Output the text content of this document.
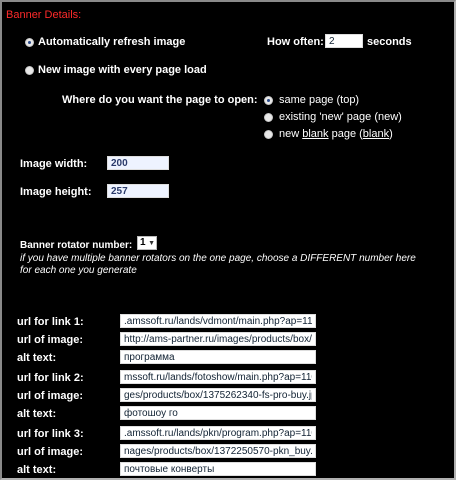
Banner Details:
Automatically refresh image	How often:
2	seconds
New image with every page load
Where do you want the page to open: same page (top)
existing 'new' page (new)
new blank page (blank)
Image width:
200
Image height:
257
Banner rotator number: 1 ▼
if you have multiple banner rotators on the one page, choose a DIFFERENT number here for each one you generate
url for link 1:
.amssoft.ru/lands/vdmont/main.php?ap=1105
url of image:
http://ams-partner.ru/images/products/box/13
alt text:
программа
url for link 2:
mssoft.ru/lands/fotoshow/main.php?ap=1105
url of image:
ges/products/box/1375262340-fs-pro-buy.jpg
alt text:
фотошоу го
url for link 3:
.amssoft.ru/lands/pkn/program.php?ap=1105
url of image:
nages/products/box/1372250570-pkn_buy.jpg
alt text:
почтовые конверты
